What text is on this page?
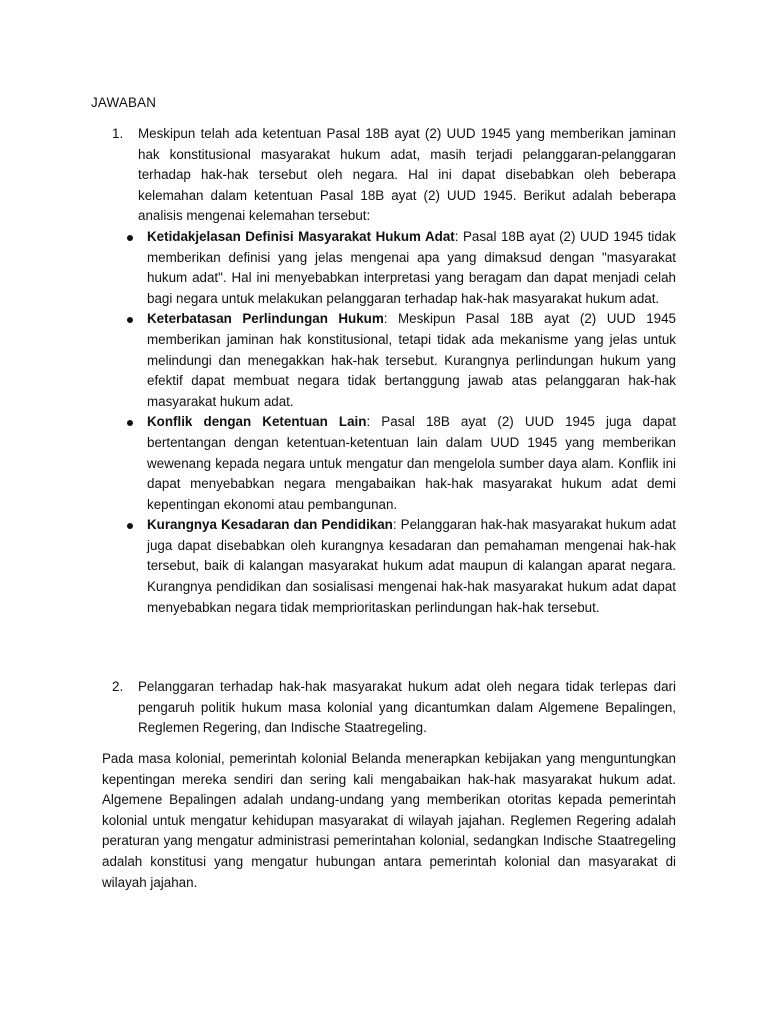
JAWABAN
1. Meskipun telah ada ketentuan Pasal 18B ayat (2) UUD 1945 yang memberikan jaminan hak konstitusional masyarakat hukum adat, masih terjadi pelanggaran-pelanggaran terhadap hak-hak tersebut oleh negara. Hal ini dapat disebabkan oleh beberapa kelemahan dalam ketentuan Pasal 18B ayat (2) UUD 1945. Berikut adalah beberapa analisis mengenai kelemahan tersebut:

Ketidakjelasan Definisi Masyarakat Hukum Adat: Pasal 18B ayat (2) UUD 1945 tidak memberikan definisi yang jelas mengenai apa yang dimaksud dengan "masyarakat hukum adat". Hal ini menyebabkan interpretasi yang beragam dan dapat menjadi celah bagi negara untuk melakukan pelanggaran terhadap hak-hak masyarakat hukum adat.
Keterbatasan Perlindungan Hukum: Meskipun Pasal 18B ayat (2) UUD 1945 memberikan jaminan hak konstitusional, tetapi tidak ada mekanisme yang jelas untuk melindungi dan menegakkan hak-hak tersebut. Kurangnya perlindungan hukum yang efektif dapat membuat negara tidak bertanggung jawab atas pelanggaran hak-hak masyarakat hukum adat.
Konflik dengan Ketentuan Lain: Pasal 18B ayat (2) UUD 1945 juga dapat bertentangan dengan ketentuan-ketentuan lain dalam UUD 1945 yang memberikan wewenang kepada negara untuk mengatur dan mengelola sumber daya alam. Konflik ini dapat menyebabkan negara mengabaikan hak-hak masyarakat hukum adat demi kepentingan ekonomi atau pembangunan.
Kurangnya Kesadaran dan Pendidikan: Pelanggaran hak-hak masyarakat hukum adat juga dapat disebabkan oleh kurangnya kesadaran dan pemahaman mengenai hak-hak tersebut, baik di kalangan masyarakat hukum adat maupun di kalangan aparat negara. Kurangnya pendidikan dan sosialisasi mengenai hak-hak masyarakat hukum adat dapat menyebabkan negara tidak memprioritaskan perlindungan hak-hak tersebut.
2. Pelanggaran terhadap hak-hak masyarakat hukum adat oleh negara tidak terlepas dari pengaruh politik hukum masa kolonial yang dicantumkan dalam Algemene Bepalingen, Reglemen Regering, dan Indische Staatregeling.

Pada masa kolonial, pemerintah kolonial Belanda menerapkan kebijakan yang menguntungkan kepentingan mereka sendiri dan sering kali mengabaikan hak-hak masyarakat hukum adat. Algemene Bepalingen adalah undang-undang yang memberikan otoritas kepada pemerintah kolonial untuk mengatur kehidupan masyarakat di wilayah jajahan. Reglemen Regering adalah peraturan yang mengatur administrasi pemerintahan kolonial, sedangkan Indische Staatregeling adalah konstitusi yang mengatur hubungan antara pemerintah kolonial dan masyarakat di wilayah jajahan.
